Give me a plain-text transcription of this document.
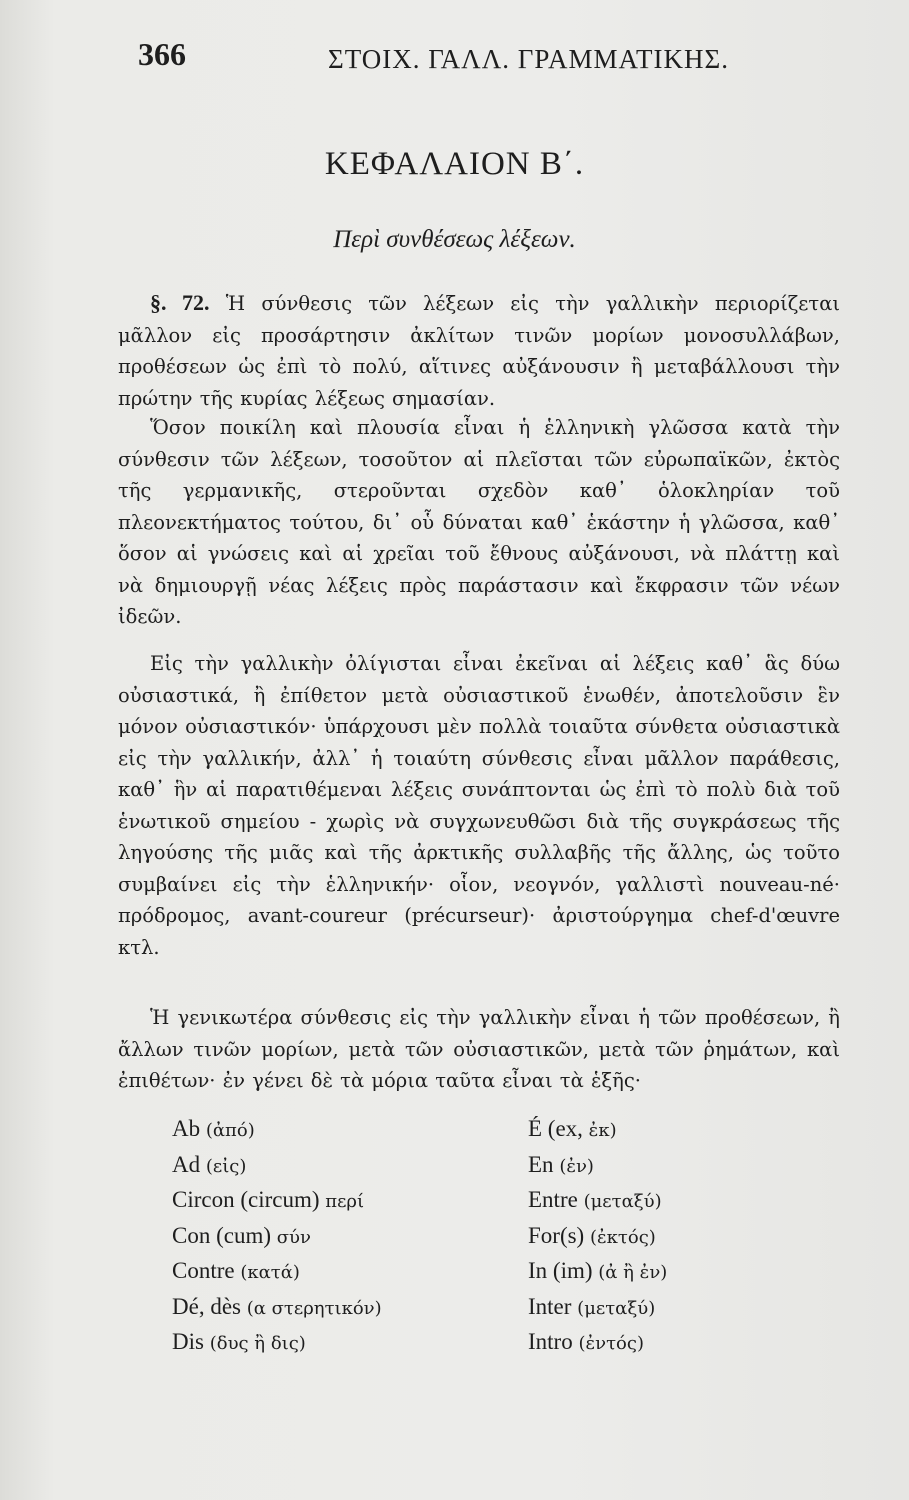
366	ΣΤΟΙΧ. ΓΑΛΛ. ΓΡΑΜΜΑΤΙΚΗΣ.
ΚΕΦΑΛΑΙΟΝ Β΄.
Περὶ συνθέσεως λέξεων.

§. 72. Ἡ σύνθεσις τῶν λέξεων εἰς τὴν γαλλικὴν περιορίζεται μᾶλλον εἰς προσάρτησιν ἀκλίτων τινῶν μορίων μονοσυλλάβων, προθέσεων ὡς ἐπὶ τὸ πολύ, αἵτινες αὐξάνουσιν ἢ μεταβάλλουσι τὴν πρώτην τῆς κυρίας λέξεως σημασίαν.

Ὅσον ποικίλη καὶ πλουσία εἶναι ἡ ἑλληνικὴ γλῶσσα κατὰ τὴν σύνθεσιν τῶν λέξεων, τοσοῦτον αἱ πλεῖσται τῶν εὐρωπαϊκῶν, ἐκτὸς τῆς γερμανικῆς, στεροῦνται σχεδὸν καθ᾽ ὁλοκληρίαν τοῦ πλεονεκτήματος τούτου, δι᾽ οὗ δύναται καθ᾽ ἑκάστην ἡ γλῶσσα, καθ᾽ ὅσον αἱ γνώσεις καὶ αἱ χρεῖαι τοῦ ἔθνους αὐξάνουσι, νὰ πλάττῃ καὶ νὰ δημιουργῇ νέας λέξεις πρὸς παράστασιν καὶ ἔκφρασιν τῶν νέων ἰδεῶν.

Εἰς τὴν γαλλικὴν ὀλίγισται εἶναι ἐκεῖναι αἱ λέξεις καθ᾽ ἃς δύω οὐσιαστικά, ἢ ἐπίθετον μετὰ οὐσιαστικοῦ ἑνωθέν, ἀποτελοῦσιν ἓν μόνον οὐσιαστικόν· ὑπάρχουσι μὲν πολλὰ τοιαῦτα σύνθετα οὐσιαστικὰ εἰς τὴν γαλλικήν, ἀλλ᾽ ἡ τοιαύτη σύνθεσις εἶναι μᾶλλον παράθεσις, καθ᾽ ἣν αἱ παρατιθέμεναι λέξεις συνάπτονται ὡς ἐπὶ τὸ πολὺ διὰ τοῦ ἑνωτικοῦ σημείου - χωρὶς νὰ συγχωνευθῶσι διὰ τῆς συγκράσεως τῆς ληγούσης τῆς μιᾶς καὶ τῆς ἀρκτικῆς συλλαβῆς τῆς ἄλλης, ὡς τοῦτο συμβαίνει εἰς τὴν ἑλληνικήν· οἷον, νεογνόν, γαλλιστὶ nouveau-né· πρόδρομος, avant-coureur (précurseur)· ἀριστούργημα chef-d'œuvre κτλ.

Ἡ γενικωτέρα σύνθεσις εἰς τὴν γαλλικὴν εἶναι ἡ τῶν προθέσεων, ἢ ἄλλων τινῶν μορίων, μετὰ τῶν οὐσιαστικῶν, μετὰ τῶν ῥημάτων, καὶ ἐπιθέτων· ἐν γένει δὲ τὰ μόρια ταῦτα εἶναι τὰ ἑξῆς·

Ab (ἀπό)
Ad (εἰς)
Circon (circum) περί
Con (cum) σύν
Contre (κατά)
Dé, dès (α στερητικόν)
Dis (δυς ἢ δις)
É (ex, ἐκ)
En (ἐν)
Entre (μεταξύ)
For(s) (ἐκτός)
In (im) (ἀ ἢ ἐν)
Inter (μεταξύ)
Intro (ἐντός)
